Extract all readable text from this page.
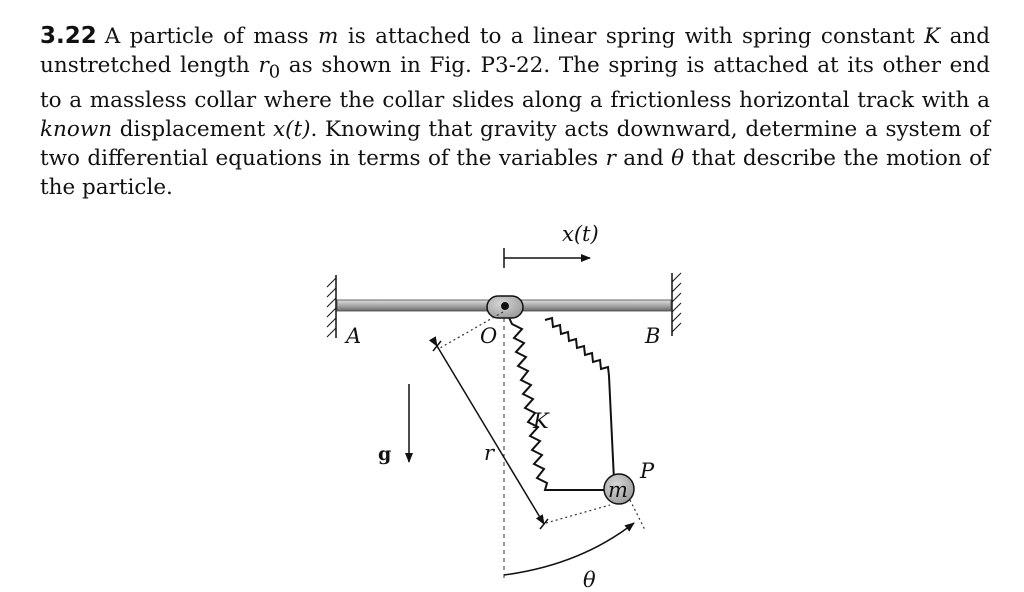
3.22 A particle of mass m is attached to a linear spring with spring constant K and unstretched length $r_0$ as shown in Fig. P3-22. The spring is attached at its other end to a massless collar where the collar slides along a frictionless horizontal track with a known displacement x(t). Knowing that gravity acts downward, determine a system of two differential equations in terms of the variables r and θ that describe the motion of the particle.
x(t)
r
m
P
θ
g
A	O	B
K
